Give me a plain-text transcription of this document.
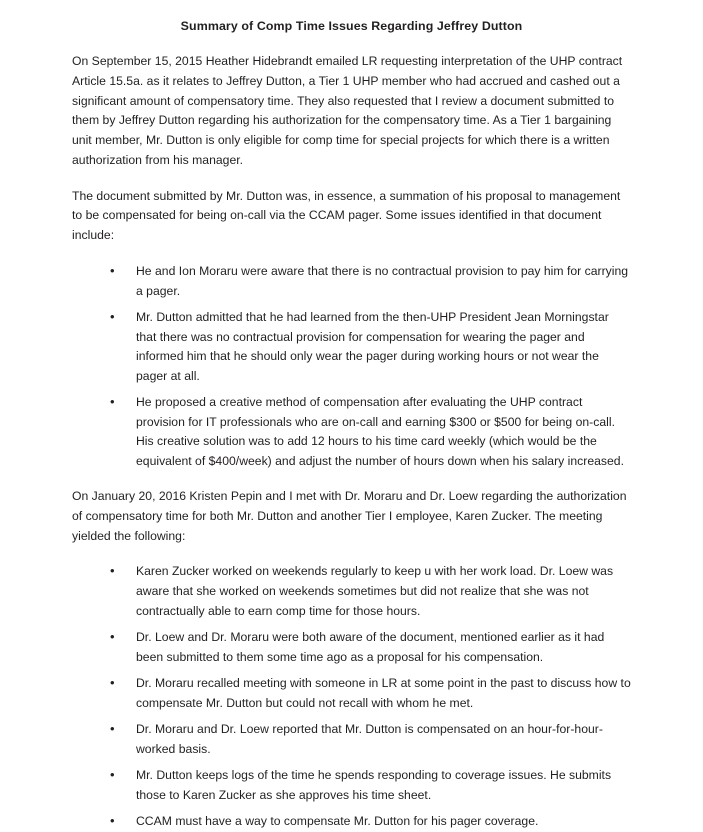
Summary of Comp Time Issues Regarding Jeffrey Dutton

On September 15, 2015 Heather Hidebrandt emailed LR requesting interpretation of the UHP contract Article 15.5a. as it relates to Jeffrey Dutton, a Tier 1 UHP member who had accrued and cashed out a significant amount of compensatory time. They also requested that I review a document submitted to them by Jeffrey Dutton regarding his authorization for the compensatory time. As a Tier 1 bargaining unit member, Mr. Dutton is only eligible for comp time for special projects for which there is a written authorization from his manager.

The document submitted by Mr. Dutton was, in essence, a summation of his proposal to management to be compensated for being on-call via the CCAM pager. Some issues identified in that document include:

• He and Ion Moraru were aware that there is no contractual provision to pay him for carrying a pager.
• Mr. Dutton admitted that he had learned from the then-UHP President Jean Morningstar that there was no contractual provision for compensation for wearing the pager and informed him that he should only wear the pager during working hours or not wear the pager at all.
• He proposed a creative method of compensation after evaluating the UHP contract provision for IT professionals who are on-call and earning $300 or $500 for being on-call. His creative solution was to add 12 hours to his time card weekly (which would be the equivalent of $400/week) and adjust the number of hours down when his salary increased.

On January 20, 2016 Kristen Pepin and I met with Dr. Moraru and Dr. Loew regarding the authorization of compensatory time for both Mr. Dutton and another Tier I employee, Karen Zucker. The meeting yielded the following:

• Karen Zucker worked on weekends regularly to keep u with her work load. Dr. Loew was aware that she worked on weekends sometimes but did not realize that she was not contractually able to earn comp time for those hours.
• Dr. Loew and Dr. Moraru were both aware of the document, mentioned earlier as it had been submitted to them some time ago as a proposal for his compensation.
• Dr. Moraru recalled meeting with someone in LR at some point in the past to discuss how to compensate Mr. Dutton but could not recall with whom he met.
• Dr. Moraru and Dr. Loew reported that Mr. Dutton is compensated on an hour-for-hour-worked basis.
• Mr. Dutton keeps logs of the time he spends responding to coverage issues. He submits those to Karen Zucker as she approves his time sheet.
• CCAM must have a way to compensate Mr. Dutton for his pager coverage.
